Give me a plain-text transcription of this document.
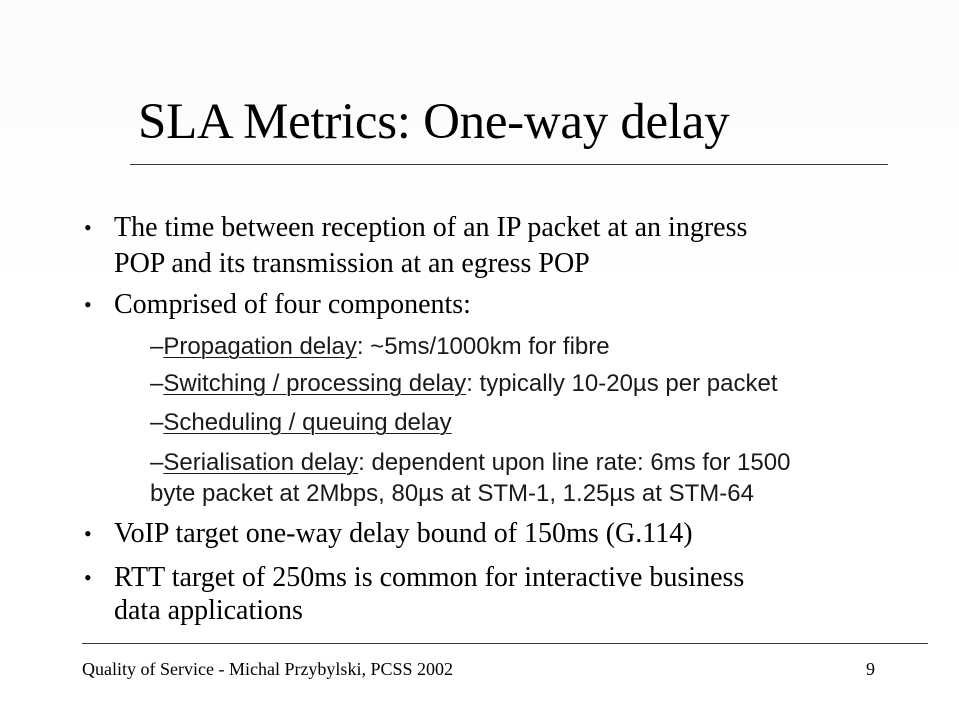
SLA Metrics: One-way delay
• The time between reception of an IP packet at an ingress
POP and its transmission at an egress POP
• Comprised of four components:
–Propagation delay: ~5ms/1000km for fibre
–Switching / processing delay: typically 10-20µs per packet
–Scheduling / queuing delay
–Serialisation delay: dependent upon line rate: 6ms for 1500
byte packet at 2Mbps, 80µs at STM-1, 1.25µs at STM-64
• VoIP target one-way delay bound of 150ms (G.114)
• RTT target of 250ms is common for interactive business
data applications
Quality of Service - Michal Przybylski, PCSS 2002	9
